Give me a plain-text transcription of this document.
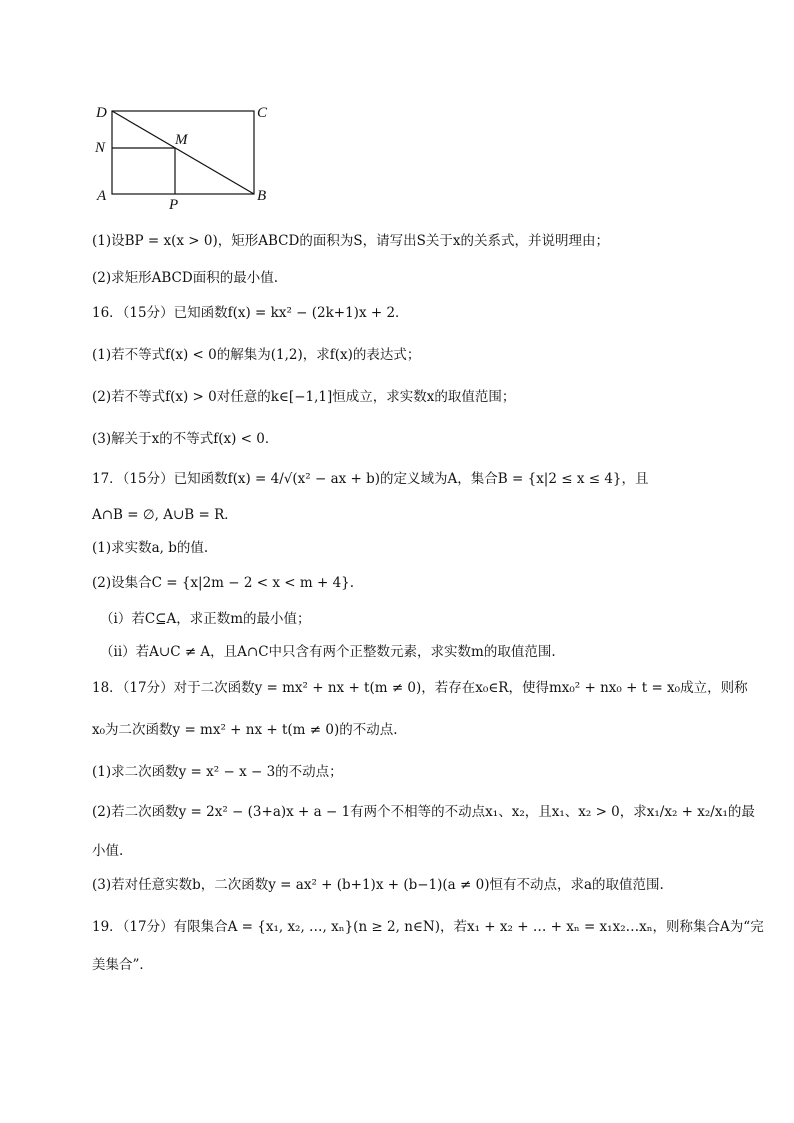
D	C
N	M
A
P
B
(1)设BP = x(x > 0)，矩形ABCD的面积为S，请写出S关于x的关系式，并说明理由；
(2)求矩形ABCD面积的最小值.
16．（15分）已知函数f(x) = kx² − (2k+1)x + 2．
(1)若不等式f(x) < 0的解集为(1,2)，求f(x)的表达式；
(2)若不等式f(x) > 0对任意的k∈[−1,1]恒成立，求实数x的取值范围；
(3)解关于x的不等式f(x) < 0．
17．（15分）已知函数f(x) = 4/√(x² − ax + b)的定义域为A，集合B = {x|2 ≤ x ≤ 4}，且
A∩B = ∅, A∪B = R．
(1)求实数a, b的值.
(2)设集合C = {x|2m − 2 < x < m + 4}.
（i）若C⊆A，求正数m的最小值；
（ii）若A∪C ≠ A，且A∩C中只含有两个正整数元素，求实数m的取值范围.
18．（17分）对于二次函数y = mx² + nx + t(m ≠ 0)，若存在x₀∈R，使得mx₀² + nx₀ + t = x₀成立，则称
x₀为二次函数y = mx² + nx + t(m ≠ 0)的不动点.
(1)求二次函数y = x² − x − 3的不动点；
(2)若二次函数y = 2x² − (3+a)x + a − 1有两个不相等的不动点x₁、x₂，且x₁、x₂ > 0，求x₁/x₂ + x₂/x₁的最
小值.
(3)若对任意实数b，二次函数y = ax² + (b+1)x + (b−1)(a ≠ 0)恒有不动点，求a的取值范围.
19．（17分）有限集合A = {x₁, x₂, …, xₙ}(n ≥ 2, n∈N)，若x₁ + x₂ + … + xₙ = x₁x₂…xₙ，则称集合A为“完
美集合”．
